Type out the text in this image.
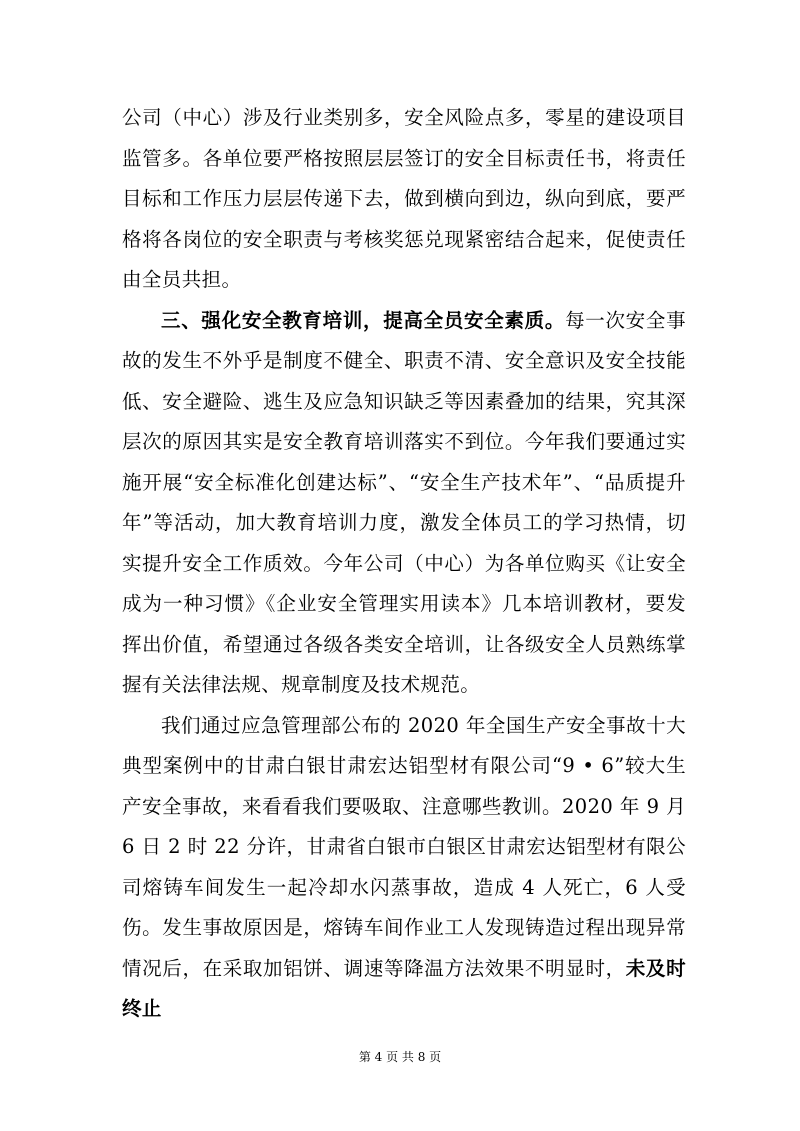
公司（中心）涉及行业类别多，安全风险点多，零星的建设项目监管多。各单位要严格按照层层签订的安全目标责任书，将责任目标和工作压力层层传递下去，做到横向到边，纵向到底，要严格将各岗位的安全职责与考核奖惩兑现紧密结合起来，促使责任由全员共担。

三、强化安全教育培训，提高全员安全素质。每一次安全事故的发生不外乎是制度不健全、职责不清、安全意识及安全技能低、安全避险、逃生及应急知识缺乏等因素叠加的结果，究其深层次的原因其实是安全教育培训落实不到位。今年我们要通过实施开展“安全标准化创建达标”、“安全生产技术年”、“品质提升年”等活动，加大教育培训力度，激发全体员工的学习热情，切实提升安全工作质效。今年公司（中心）为各单位购买《让安全成为一种习惯》《企业安全管理实用读本》几本培训教材，要发挥出价值，希望通过各级各类安全培训，让各级安全人员熟练掌握有关法律法规、规章制度及技术规范。

我们通过应急管理部公布的 2020 年全国生产安全事故十大典型案例中的甘肃白银甘肃宏达铝型材有限公司“9 • 6”较大生产安全事故，来看看我们要吸取、注意哪些教训。2020 年 9 月 6 日 2 时 22 分许，甘肃省白银市白银区甘肃宏达铝型材有限公司熔铸车间发生一起冷却水闪蒸事故，造成 4 人死亡，6 人受伤。发生事故原因是，熔铸车间作业工人发现铸造过程出现异常情况后，在采取加铝饼、调速等降温方法效果不明显时，未及时终止

第 4 页 共 8 页
